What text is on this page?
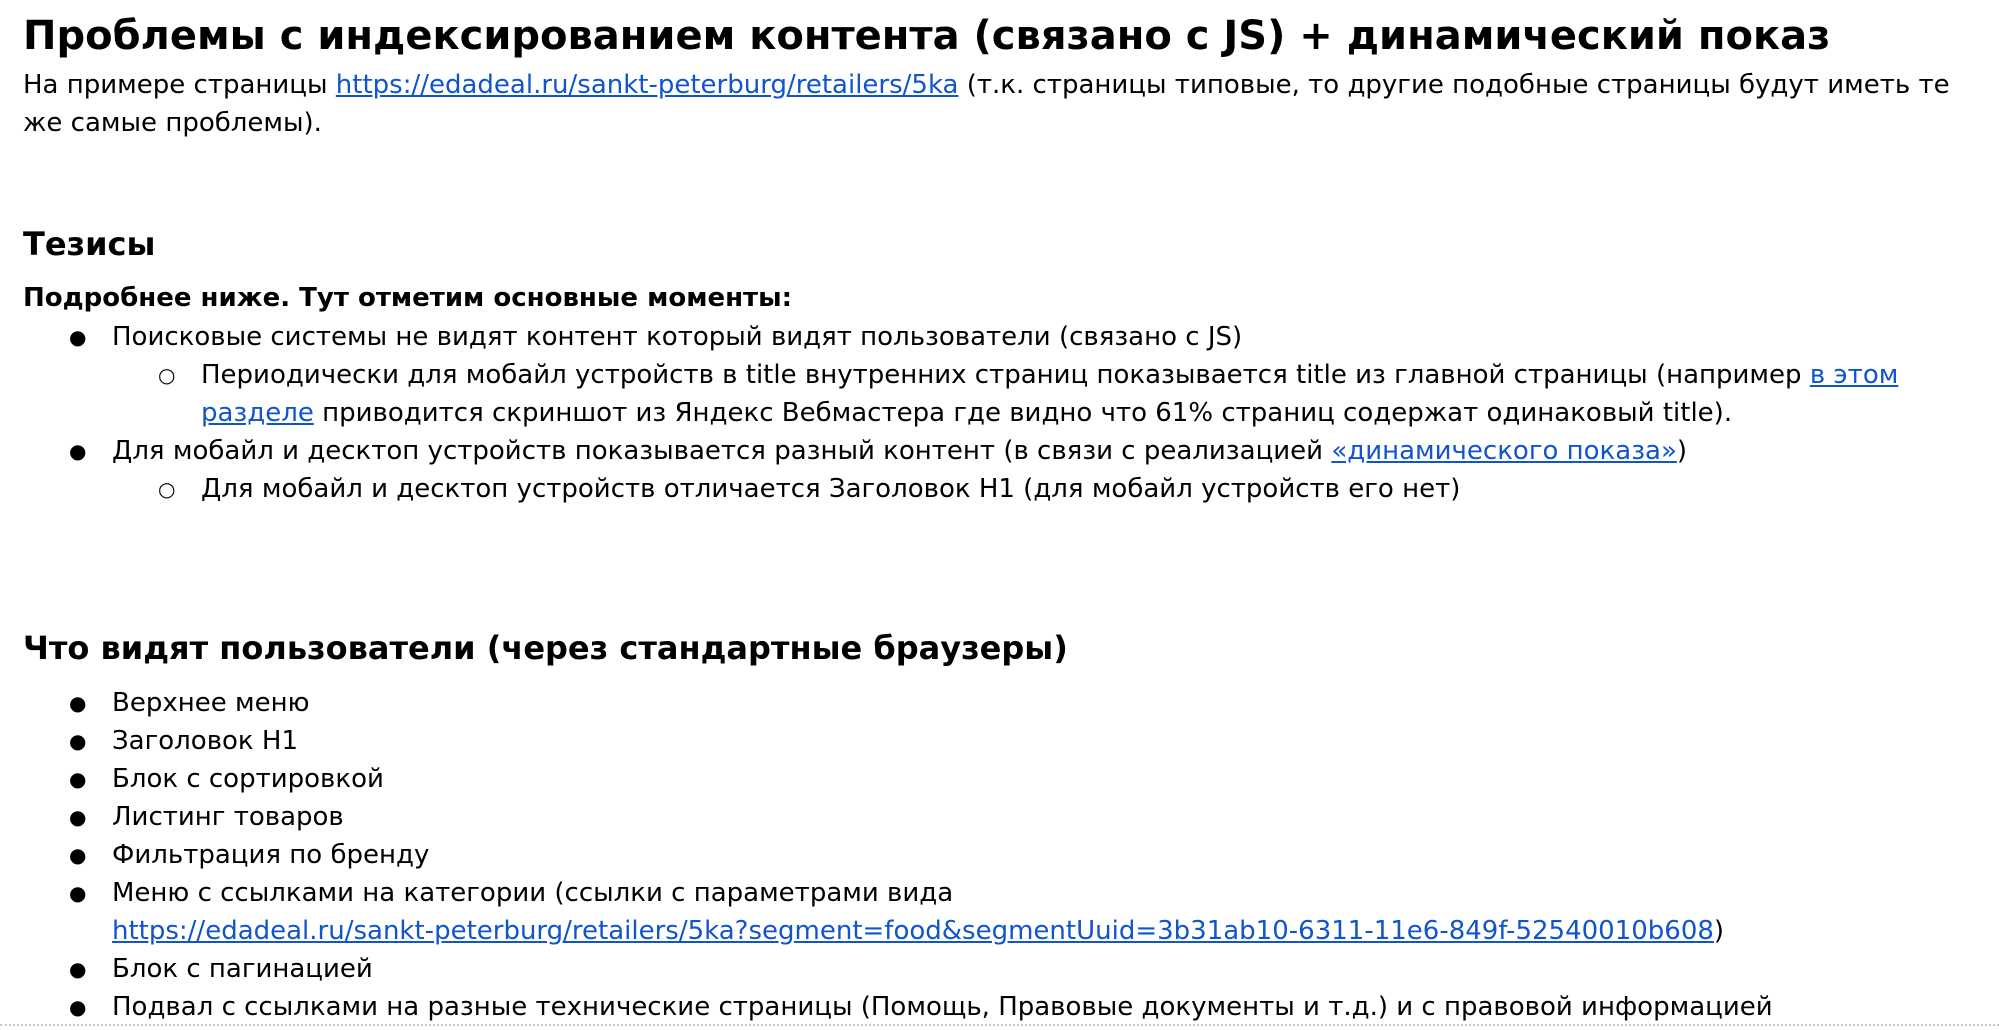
Проблемы с индексированием контента (связано с JS) + динамический показ

На примере страницы https://edadeal.ru/sankt-peterburg/retailers/5ka (т.к. страницы типовые, то другие подобные страницы будут иметь те же самые проблемы).

Тезисы

Подробнее ниже. Тут отметим основные моменты:

● Поисковые системы не видят контент который видят пользователи (связано с JS)
○ Периодически для мобайл устройств в title внутренних страниц показывается title из главной страницы (например в этом разделе приводится скриншот из Яндекс Вебмастера где видно что 61% страниц содержат одинаковый title).
● Для мобайл и десктоп устройств показывается разный контент (в связи с реализацией «динамического показа»)
○ Для мобайл и десктоп устройств отличается Заголовок H1 (для мобайл устройств его нет)
Что видят пользователи (через стандартные браузеры)
● Верхнее меню
● Заголовок H1
● Блок с сортировкой
● Листинг товаров
● Фильтрация по бренду
● Меню с ссылками на категории (ссылки с параметрами вида
https://edadeal.ru/sankt-peterburg/retailers/5ka?segment=food&segmentUuid=3b31ab10-6311-11e6-849f-52540010b608)
● Блок с пагинацией
● Подвал с ссылками на разные технические страницы (Помощь, Правовые документы и т.д.) и с правовой информацией
